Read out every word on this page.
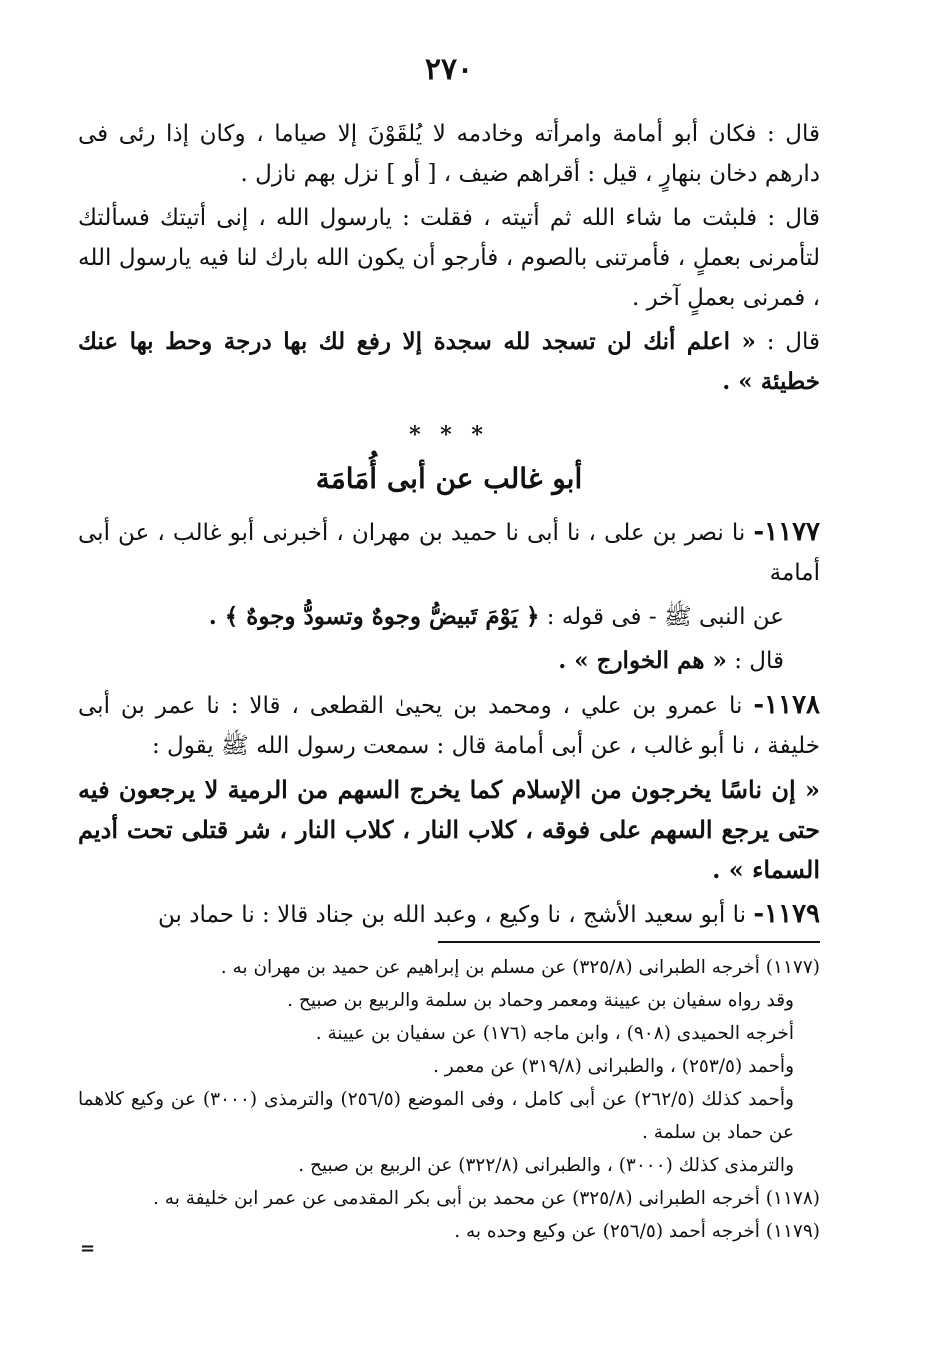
٢٧٠

قال : فكان أبو أمامة وامرأته وخادمه لا يُلقَوْنَ إلا صياما ، وكان إذا رئى فى دارهم دخان بنهارٍ ، قيل : أقراهم ضيف ، [ أو ] نزل بهم نازل .

قال : فلبثت ما شاء الله ثم أتيته ، فقلت : يارسول الله ، إنى أتيتك فسألتك لتأمرنى بعملٍ ، فأمرتنى بالصوم ، فأرجو أن يكون الله بارك لنا فيه يارسول الله ، فمرنى بعملٍ آخر .

قال : « اعلم أنك لن تسجد لله سجدة إلا رفع لك بها درجة وحط بها عنك خطيئة » .

* * *
أبو غالب عن أبى أُمَامَة

١١٧٧- نا نصر بن على ، نا أبى نا حميد بن مهران ، أخبرنى أبو غالب ، عن أبى أمامة

عن النبى ﷺ - فى قوله : ﴿ يَوْمَ تَبيضُّ وجوهٌ وتسودُّ وجوهٌ ﴾ .

قال : « هم الخوارج » .

١١٧٨- نا عمرو بن علي ، ومحمد بن يحيىٰ القطعى ، قالا : نا عمر بن أبى خليفة ، نا أبو غالب ، عن أبى أمامة قال : سمعت رسول الله ﷺ يقول :

« إن ناسًا يخرجون من الإسلام كما يخرج السهم من الرمية لا يرجعون فيه حتى يرجع السهم على فوقه ، كلاب النار ، كلاب النار ، شر قتلى تحت أديم السماء » .

١١٧٩- نا أبو سعيد الأشج ، نا وكيع ، وعبد الله بن جناد قالا : نا حماد بن

(١١٧٧) أخرجه الطبرانى (٣٢٥/٨) عن مسلم بن إبراهيم عن حميد بن مهران به .

وقد رواه سفيان بن عيينة ومعمر وحماد بن سلمة والربيع بن صبيح .

أخرجه الحميدى (٩٠٨) ، وابن ماجه (١٧٦) عن سفيان بن عيينة .

وأحمد (٢٥٣/٥) ، والطبرانى (٣١٩/٨) عن معمر .

وأحمد كذلك (٢٦٢/٥) عن أبى كامل ، وفى الموضع (٢٥٦/٥) والترمذى (٣٠٠٠) عن وكيع كلاهما عن حماد بن سلمة .

والترمذى كذلك (٣٠٠٠) ، والطبرانى (٣٢٢/٨) عن الربيع بن صبيح .

(١١٧٨) أخرجه الطبرانى (٣٢٥/٨) عن محمد بن أبى بكر المقدمى عن عمر ابن خليفة به .

(١١٧٩) أخرجه أحمد (٢٥٦/٥) عن وكيع وحده به .

=
